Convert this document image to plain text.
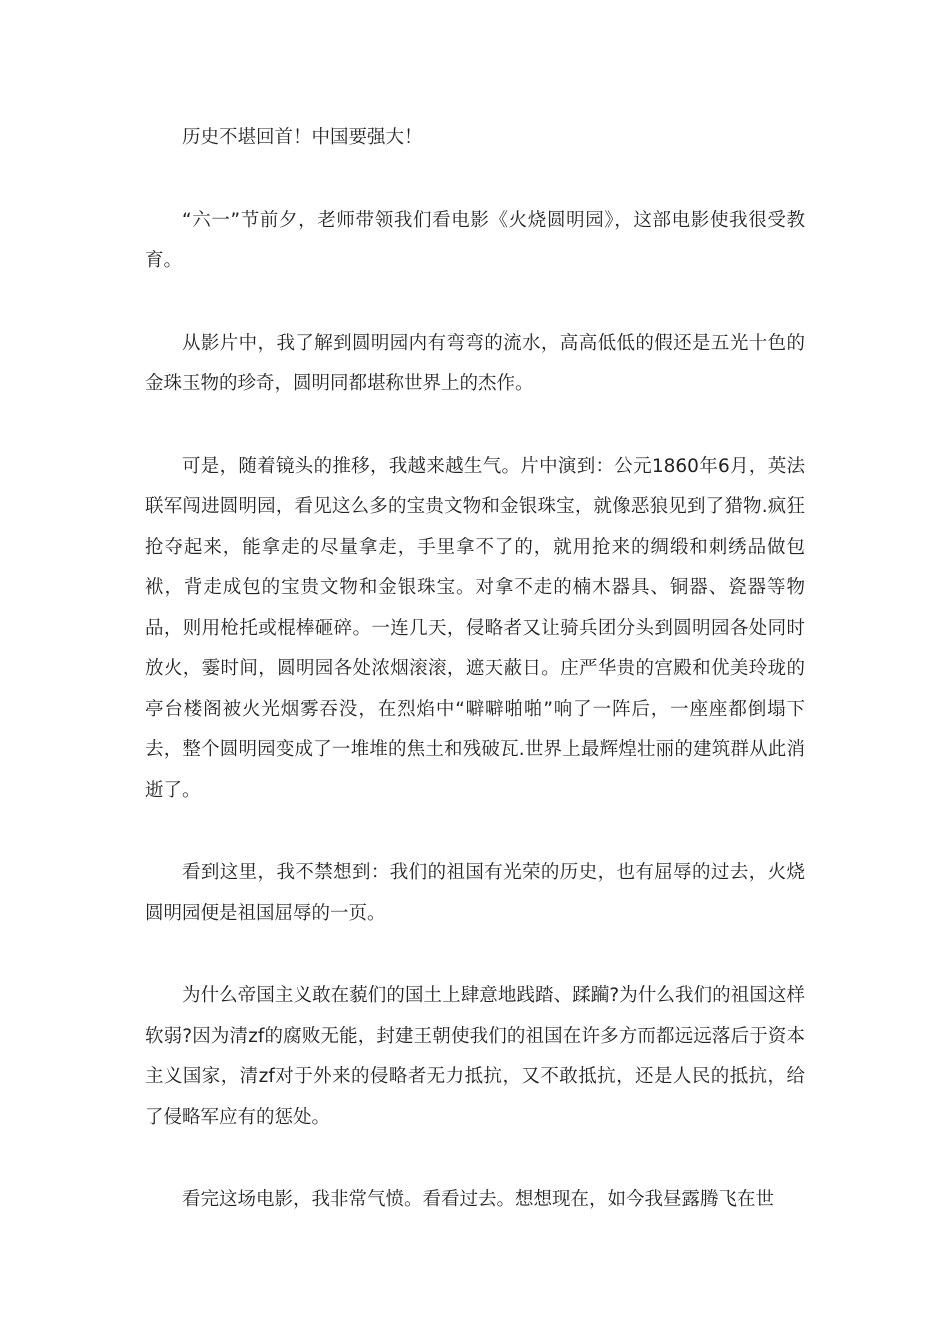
历史不堪回首！中国要强大！

“六一”节前夕，老师带领我们看电影《火烧圆明园》，这部电影使我很受教育。

从影片中，我了解到圆明园内有弯弯的流水，高高低低的假还是五光十色的金珠玉物的珍奇，圆明同都堪称世界上的杰作。

可是，随着镜头的推移，我越来越生气。片中演到：公元1860年6月，英法联军闯进圆明园，看见这么多的宝贵文物和金银珠宝，就像恶狼见到了猎物.疯狂抢夺起来，能拿走的尽量拿走，手里拿不了的，就用抢来的绸缎和刺绣品做包袱，背走成包的宝贵文物和金银珠宝。对拿不走的楠木器具、铜器、瓷器等物品，则用枪托或棍棒砸碎。一连几天，侵略者又让骑兵团分头到圆明园各处同时放火，霎时间，圆明园各处浓烟滚滚，遮天蔽日。庄严华贵的宫殿和优美玲珑的亭台楼阁被火光烟雾吞没，在烈焰中“噼噼啪啪”响了一阵后，一座座都倒塌下去，整个圆明园变成了一堆堆的焦土和残破瓦.世界上最辉煌壮丽的建筑群从此消逝了。

看到这里，我不禁想到：我们的祖国有光荣的历史，也有屈辱的过去，火烧圆明园便是祖国屈辱的一页。

为什么帝国主义敢在藐们的国土上肆意地践踏、蹂躏?为什么我们的祖国这样软弱?因为清zf的腐败无能，封建王朝使我们的祖国在许多方而都远远落后于资本主义国家，清zf对于外来的侵略者无力抵抗，又不敢抵抗，还是人民的抵抗，给了侵略军应有的惩处。

看完这场电影，我非常气愤。看看过去。想想现在，如今我昼露腾飞在世
